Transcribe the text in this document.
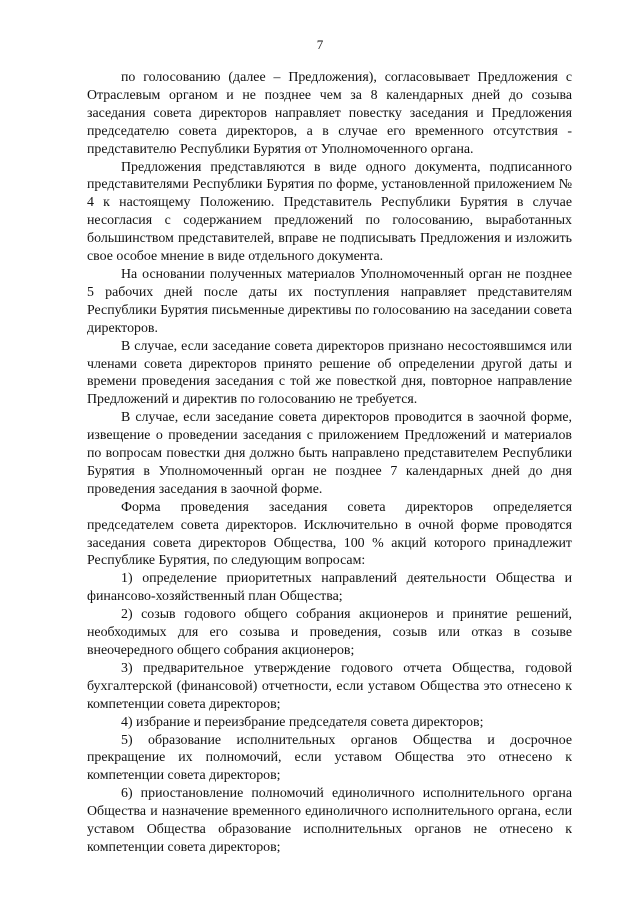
7

по голосованию (далее – Предложения), согласовывает Предложения с Отраслевым органом и не позднее чем за 8 календарных дней до созыва заседания совета директоров направляет повестку заседания и Предложения председателю совета директоров, а в случае его временного отсутствия - представителю Республики Бурятия от Уполномоченного органа.

Предложения представляются в виде одного документа, подписанного представителями Республики Бурятия по форме, установленной приложением № 4 к настоящему Положению. Представитель Республики Бурятия в случае несогласия с содержанием предложений по голосованию, выработанных большинством представителей, вправе не подписывать Предложения и изложить свое особое мнение в виде отдельного документа.

На основании полученных материалов Уполномоченный орган не позднее 5 рабочих дней после даты их поступления направляет представителям Республики Бурятия письменные директивы по голосованию на заседании совета директоров.

В случае, если заседание совета директоров признано несостоявшимся или членами совета директоров принято решение об определении другой даты и времени проведения заседания с той же повесткой дня, повторное направление Предложений и директив по голосованию не требуется.

В случае, если заседание совета директоров проводится в заочной форме, извещение о проведении заседания с приложением Предложений и материалов по вопросам повестки дня должно быть направлено представителем Республики Бурятия в Уполномоченный орган не позднее 7 календарных дней до дня проведения заседания в заочной форме.

Форма проведения заседания совета директоров определяется председателем совета директоров. Исключительно в очной форме проводятся заседания совета директоров Общества, 100 % акций которого принадлежит Республике Бурятия, по следующим вопросам:

1) определение приоритетных направлений деятельности Общества и финансово-хозяйственный план Общества;

2) созыв годового общего собрания акционеров и принятие решений, необходимых для его созыва и проведения, созыв или отказ в созыве внеочередного общего собрания акционеров;

3) предварительное утверждение годового отчета Общества, годовой бухгалтерской (финансовой) отчетности, если уставом Общества это отнесено к компетенции совета директоров;

4) избрание и переизбрание председателя совета директоров;

5) образование исполнительных органов Общества и досрочное прекращение их полномочий, если уставом Общества это отнесено к компетенции совета директоров;

6) приостановление полномочий единоличного исполнительного органа Общества и назначение временного единоличного исполнительного органа, если уставом Общества образование исполнительных органов не отнесено к компетенции совета директоров;
